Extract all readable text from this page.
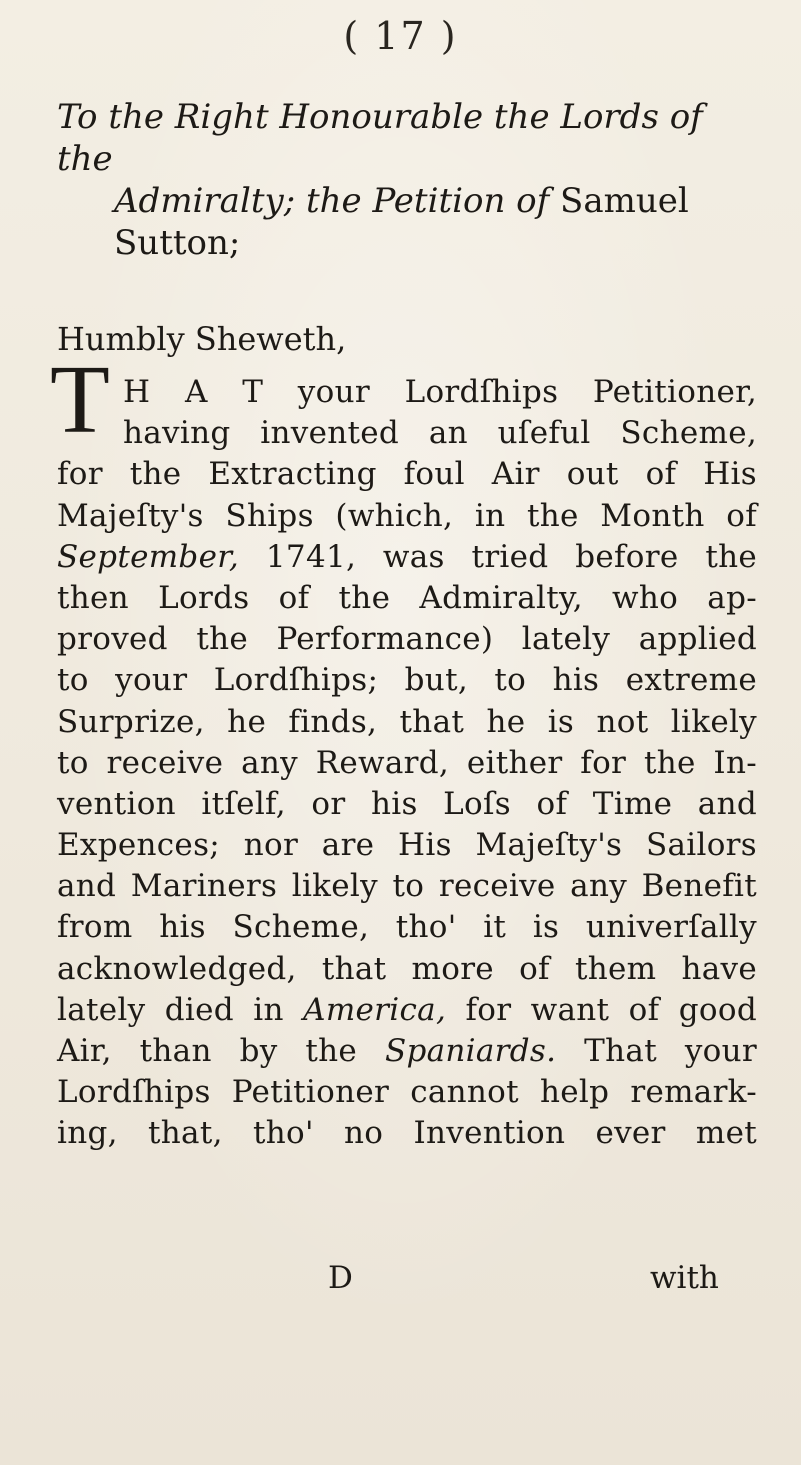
( 17 )
To the Right Honourable the Lords of the
Admiralty; the Petition of Samuel
Sutton;
Humbly Sheweth,
T H A T your Lordſhips Petitioner,
having invented an uſeful Scheme,
for the Extracting foul Air out of His
Majeſty's Ships (which, in the Month of
September, 1741, was tried before the
then Lords of the Admiralty, who ap-
proved the Performance) lately applied
to your Lordſhips; but, to his extreme
Surprize, he finds, that he is not likely
to receive any Reward, either for the In-
vention itſelf, or his Loſs of Time and
Expences; nor are His Majeſty's Sailors
and Mariners likely to receive any Benefit
from his Scheme, tho' it is univerſally
acknowledged, that more of them have
lately died in America, for want of good
Air, than by the Spaniards. That your
Lordſhips Petitioner cannot help remark-
ing, that, tho' no Invention ever met
D	with
